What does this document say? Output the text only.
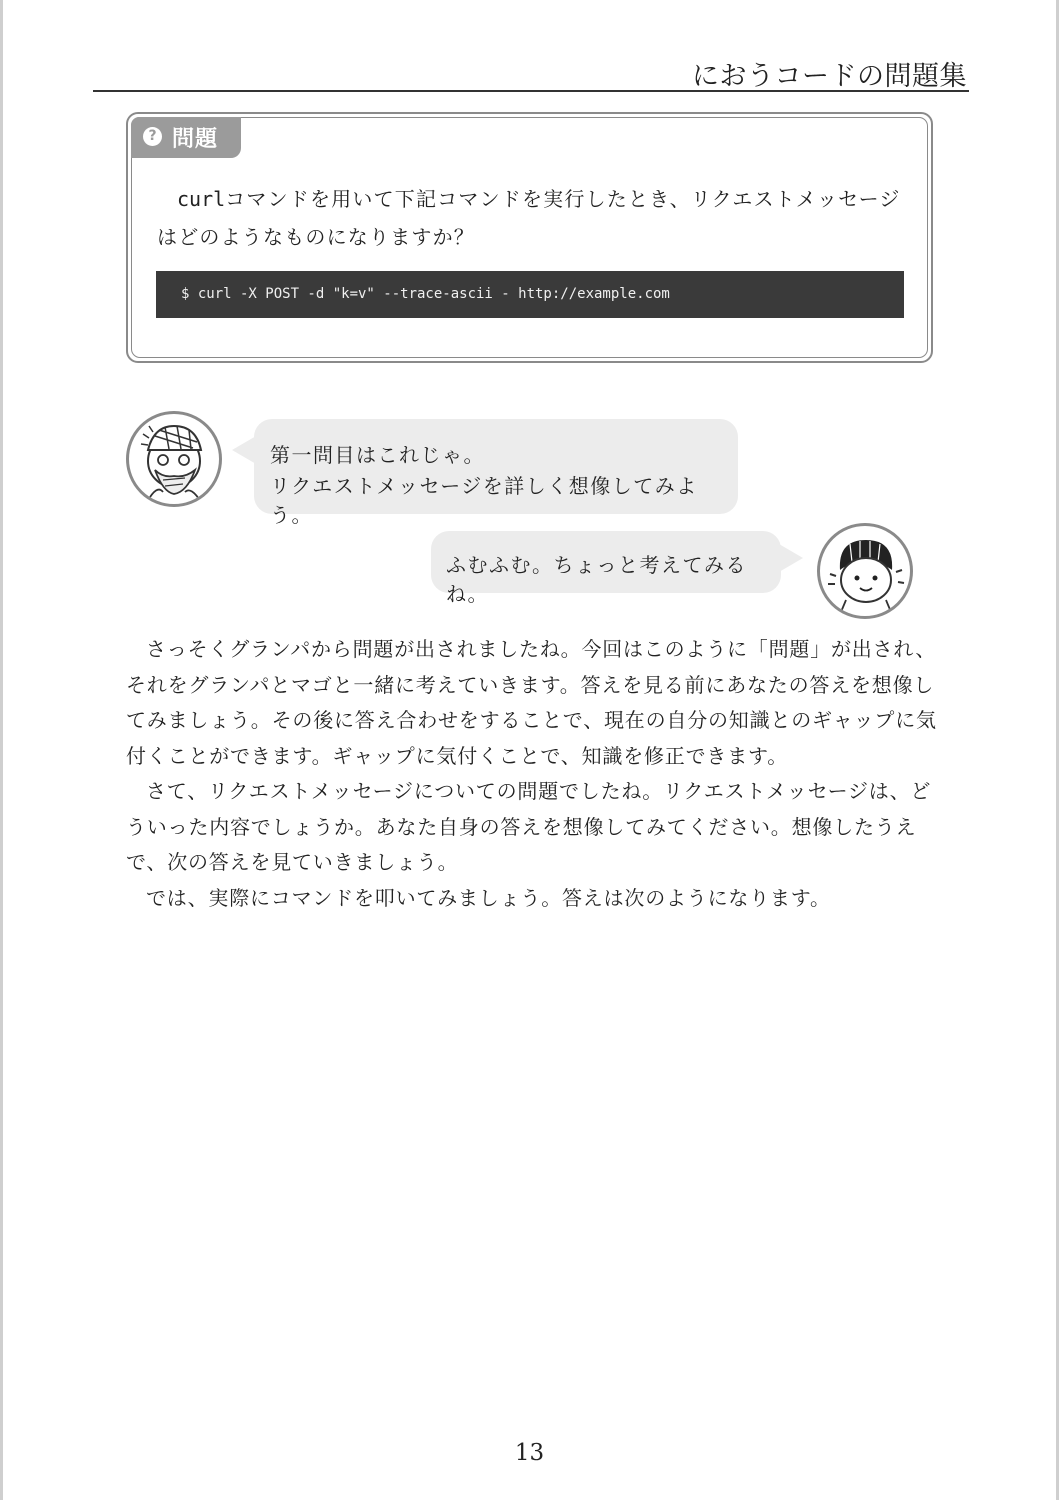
におうコードの問題集
? 問題
curlコマンドを用いて下記コマンドを実行したとき、リクエストメッセージ
はどのようなものになりますか？
$ curl -X POST -d "k=v" --trace-ascii - http://example.com
第一問目はこれじゃ。
リクエストメッセージを詳しく想像してみよう。
ふむふむ。ちょっと考えてみるね。

さっそくグランパから問題が出されましたね。今回はこのように「問題」が出され、それをグランパとマゴと一緒に考えていきます。答えを見る前にあなたの答えを想像してみましょう。その後に答え合わせをすることで、現在の自分の知識とのギャップに気付くことができます。ギャップに気付くことで、知識を修正できます。

さて、リクエストメッセージについての問題でしたね。リクエストメッセージは、どういった内容でしょうか。あなた自身の答えを想像してみてください。想像したうえで、次の答えを見ていきましょう。

では、実際にコマンドを叩いてみましょう。答えは次のようになります。

13
